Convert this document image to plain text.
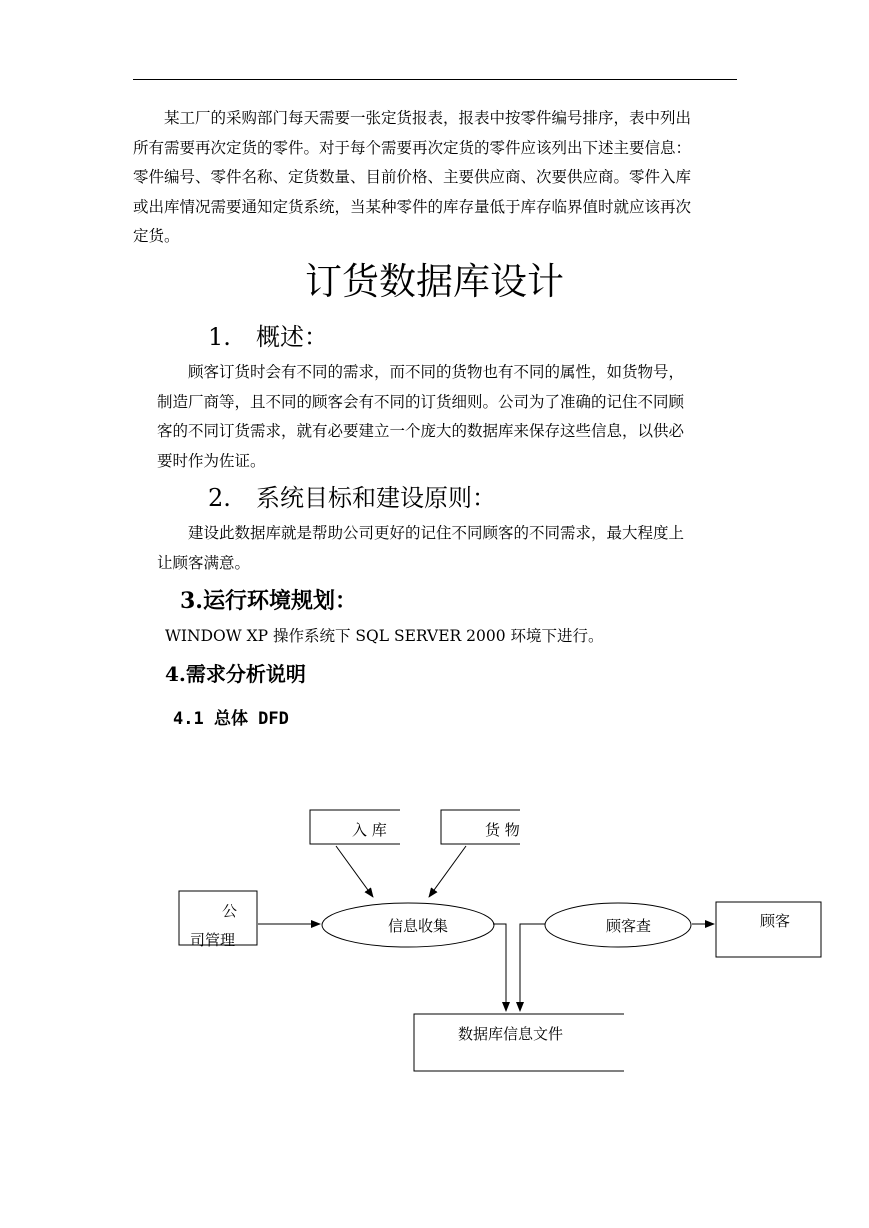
某工厂的采购部门每天需要一张定货报表，报表中按零件编号排序，表中列出
所有需要再次定货的零件。对于每个需要再次定货的零件应该列出下述主要信息：
零件编号、零件名称、定货数量、目前价格、主要供应商、次要供应商。零件入库
或出库情况需要通知定货系统，当某种零件的库存量低于库存临界值时就应该再次
定货。

订货数据库设计
1. 概述：

顾客订货时会有不同的需求，而不同的货物也有不同的属性，如货物号，
制造厂商等，且不同的顾客会有不同的订货细则。公司为了准确的记住不同顾
客的不同订货需求，就有必要建立一个庞大的数据库来保存这些信息，以供必
要时作为佐证。

2. 系统目标和建设原则：

建设此数据库就是帮助公司更好的记住不同顾客的不同需求，最大程度上
让顾客满意。

3.运行环境规划：

WINDOW XP 操作系统下 SQL SERVER 2000 环境下进行。

4.需求分析说明
4.1 总体 DFD
入 库	货 物
公
司管理
信息收集	顾客查	顾客
数据库信息文件
